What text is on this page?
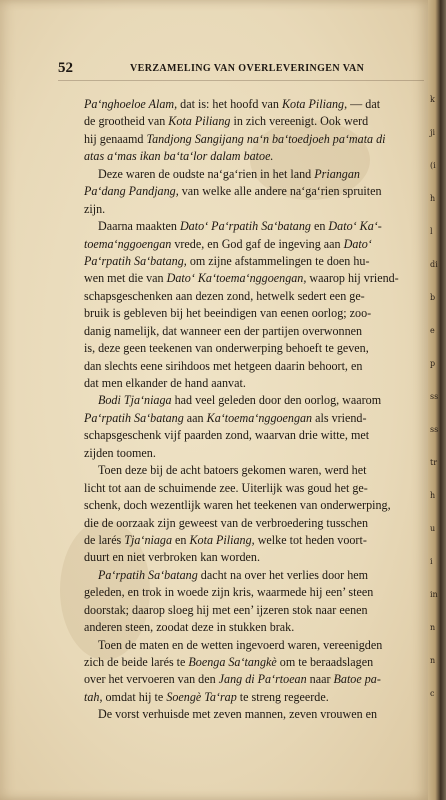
52	VERZAMELING VAN OVERLEVERINGEN VAN
Pa‘nghoeloe Alam, dat is: het hoofd van Kota Piliang, — dat
de grootheid van Kota Piliang in zich vereenigt. Ook werd
hij genaamd Tandjong Sangijang na‘n ba‘toedjoeh pa‘mata di
atas a‘mas ikan ba‘ta‘lor dalam batoe.
Deze waren de oudste na‘ga‘rien in het land Priangan
Pa‘dang Pandjang, van welke alle andere na‘ga‘rien spruiten
zijn.
Daarna maakten Dato‘ Pa‘rpatih Sa‘batang en Dato‘ Ka‘-
toema‘nggoengan vrede, en God gaf de ingeving aan Dato‘
Pa‘rpatih Sa‘batang, om zijne afstammelingen te doen hu-
wen met die van Dato‘ Ka‘toema‘nggoengan, waarop hij vriend-
schapsgeschenken aan dezen zond, hetwelk sedert een ge-
bruik is gebleven bij het beeindigen van eenen oorlog; zoo-
danig namelijk, dat wanneer een der partijen overwonnen
is, deze geen teekenen van onderwerping behoeft te geven,
dan slechts eene sirihdoos met hetgeen daarin behoort, en
dat men elkander de hand aanvat.
Bodi Tja‘niaga had veel geleden door den oorlog, waarom
Pa‘rpatih Sa‘batang aan Ka‘toema‘nggoengan als vriend-
schapsgeschenk vijf paarden zond, waarvan drie witte, met
zijden toomen.
Toen deze bij de acht batoers gekomen waren, werd het
licht tot aan de schuimende zee. Uiterlijk was goud het ge-
schenk, doch wezentlijk waren het teekenen van onderwerping,
die de oorzaak zijn geweest van de verbroedering tusschen
de larés Tja‘niaga en Kota Piliang, welke tot heden voort-
duurt en niet verbroken kan worden.
Pa‘rpatih Sa‘batang dacht na over het verlies door hem
geleden, en trok in woede zijn kris, waarmede hij een’ steen
doorstak; daarop sloeg hij met een’ ijzeren stok naar eenen
anderen steen, zoodat deze in stukken brak.
Toen de maten en de wetten ingevoerd waren, vereenigden
zich de beide larés te Boenga Sa‘tangkè om te beraadslagen
over het vervoeren van den Jang di Pa‘rtoean naar Batoe pa-
tah, omdat hij te Soengè Ta‘rap te streng regeerde.
De vorst verhuisde met zeven mannen, zeven vrouwen en
k
ji
(i
h
l
di
b
e
p
ss
ss
tr
h
u
i
in
n
n
c
